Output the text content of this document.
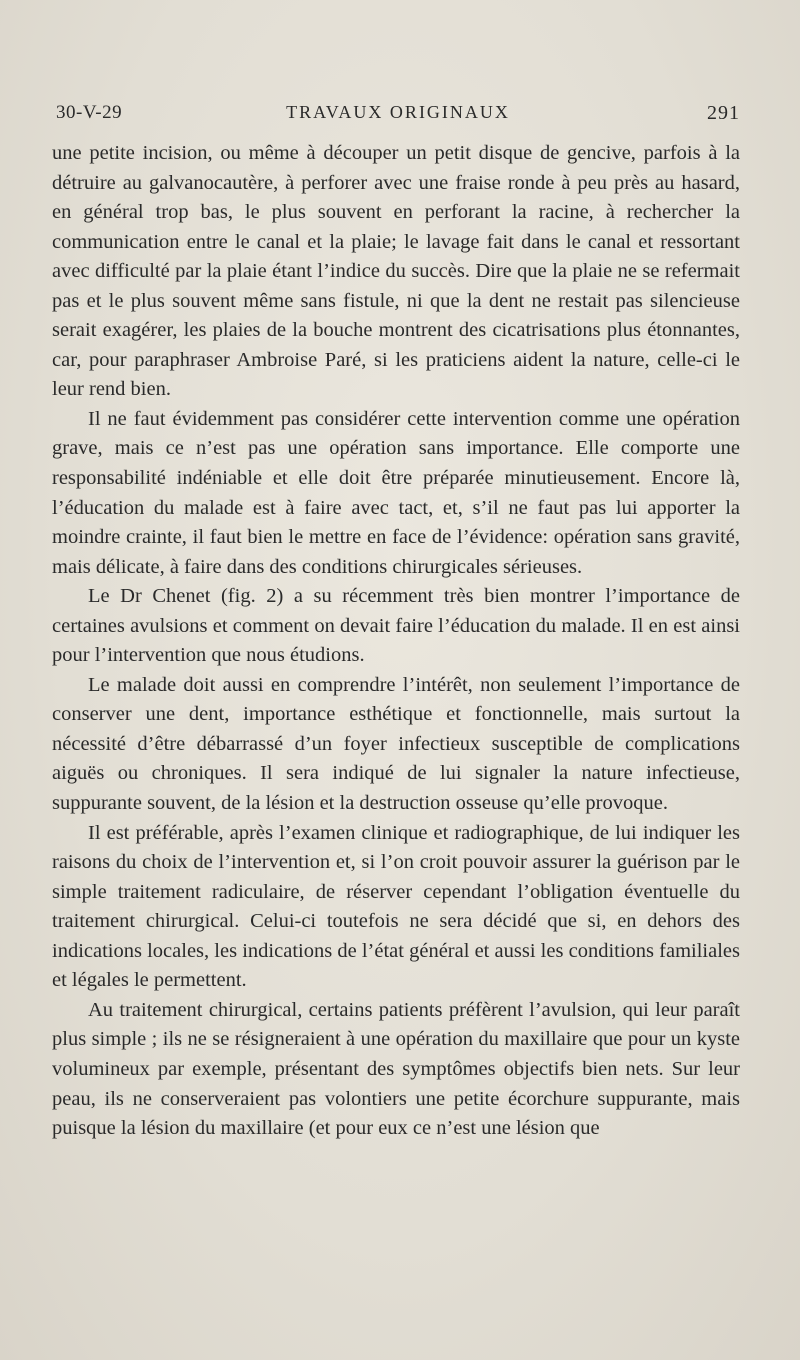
30-V-29	TRAVAUX ORIGINAUX	291

une petite incision, ou même à découper un petit disque de gencive, parfois à la détruire au galvanocautère, à perforer avec une fraise ronde à peu près au hasard, en général trop bas, le plus souvent en perforant la racine, à rechercher la communication entre le canal et la plaie; le lavage fait dans le canal et ressortant avec difficulté par la plaie étant l’indice du succès. Dire que la plaie ne se refermait pas et le plus souvent même sans fistule, ni que la dent ne restait pas silencieuse serait exagérer, les plaies de la bouche montrent des cicatrisations plus étonnantes, car, pour paraphraser Ambroise Paré, si les praticiens aident la nature, celle-ci le leur rend bien.

Il ne faut évidemment pas considérer cette intervention comme une opération grave, mais ce n’est pas une opération sans importance. Elle comporte une responsabilité indéniable et elle doit être préparée minutieusement. Encore là, l’éducation du malade est à faire avec tact, et, s’il ne faut pas lui apporter la moindre crainte, il faut bien le mettre en face de l’évidence: opération sans gravité, mais délicate, à faire dans des conditions chirurgicales sérieuses.

Le Dr Chenet (fig. 2) a su récemment très bien montrer l’importance de certaines avulsions et comment on devait faire l’éducation du malade. Il en est ainsi pour l’intervention que nous étudions.

Le malade doit aussi en comprendre l’intérêt, non seulement l’importance de conserver une dent, importance esthétique et fonctionnelle, mais surtout la nécessité d’être débarrassé d’un foyer infectieux susceptible de complications aiguës ou chroniques. Il sera indiqué de lui signaler la nature infectieuse, suppurante souvent, de la lésion et la destruction osseuse qu’elle provoque.

Il est préférable, après l’examen clinique et radiographique, de lui indiquer les raisons du choix de l’intervention et, si l’on croit pouvoir assurer la guérison par le simple traitement radiculaire, de réserver cependant l’obligation éventuelle du traitement chirurgical. Celui-ci toutefois ne sera décidé que si, en dehors des indications locales, les indications de l’état général et aussi les conditions familiales et légales le permettent.

Au traitement chirurgical, certains patients préfèrent l’avulsion, qui leur paraît plus simple ; ils ne se résigneraient à une opération du maxillaire que pour un kyste volumineux par exemple, présentant des symptômes objectifs bien nets. Sur leur peau, ils ne conserveraient pas volontiers une petite écorchure suppurante, mais puisque la lésion du maxillaire (et pour eux ce n’est une lésion que
